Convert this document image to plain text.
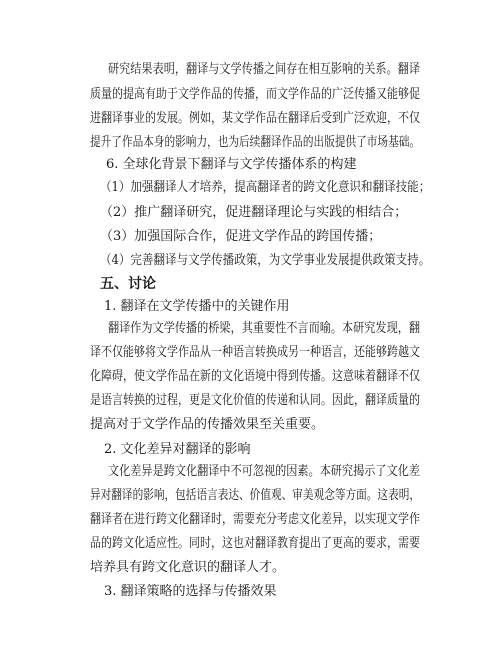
研究结果表明，翻译与文学传播之间存在相互影响的关系。翻译
质量的提高有助于文学作品的传播，而文学作品的广泛传播又能够促
进翻译事业的发展。例如，某文学作品在翻译后受到广泛欢迎，不仅
提升了作品本身的影响力，也为后续翻译作品的出版提供了市场基础。
6. 全球化背景下翻译与文学传播体系的构建
（1）加强翻译人才培养，提高翻译者的跨文化意识和翻译技能；
（2）推广翻译研究，促进翻译理论与实践的相结合；
（3）加强国际合作，促进文学作品的跨国传播；
（4）完善翻译与文学传播政策，为文学事业发展提供政策支持。
五、讨论
1. 翻译在文学传播中的关键作用
翻译作为文学传播的桥梁，其重要性不言而喻。本研究发现，翻
译不仅能够将文学作品从一种语言转换成另一种语言，还能够跨越文
化障碍，使文学作品在新的文化语境中得到传播。这意味着翻译不仅
是语言转换的过程，更是文化价值的传递和认同。因此，翻译质量的
提高对于文学作品的传播效果至关重要。
2. 文化差异对翻译的影响
文化差异是跨文化翻译中不可忽视的因素。本研究揭示了文化差
异对翻译的影响，包括语言表达、价值观、审美观念等方面。这表明，
翻译者在进行跨文化翻译时，需要充分考虑文化差异，以实现文学作
品的跨文化适应性。同时，这也对翻译教育提出了更高的要求，需要
培养具有跨文化意识的翻译人才。
3. 翻译策略的选择与传播效果
